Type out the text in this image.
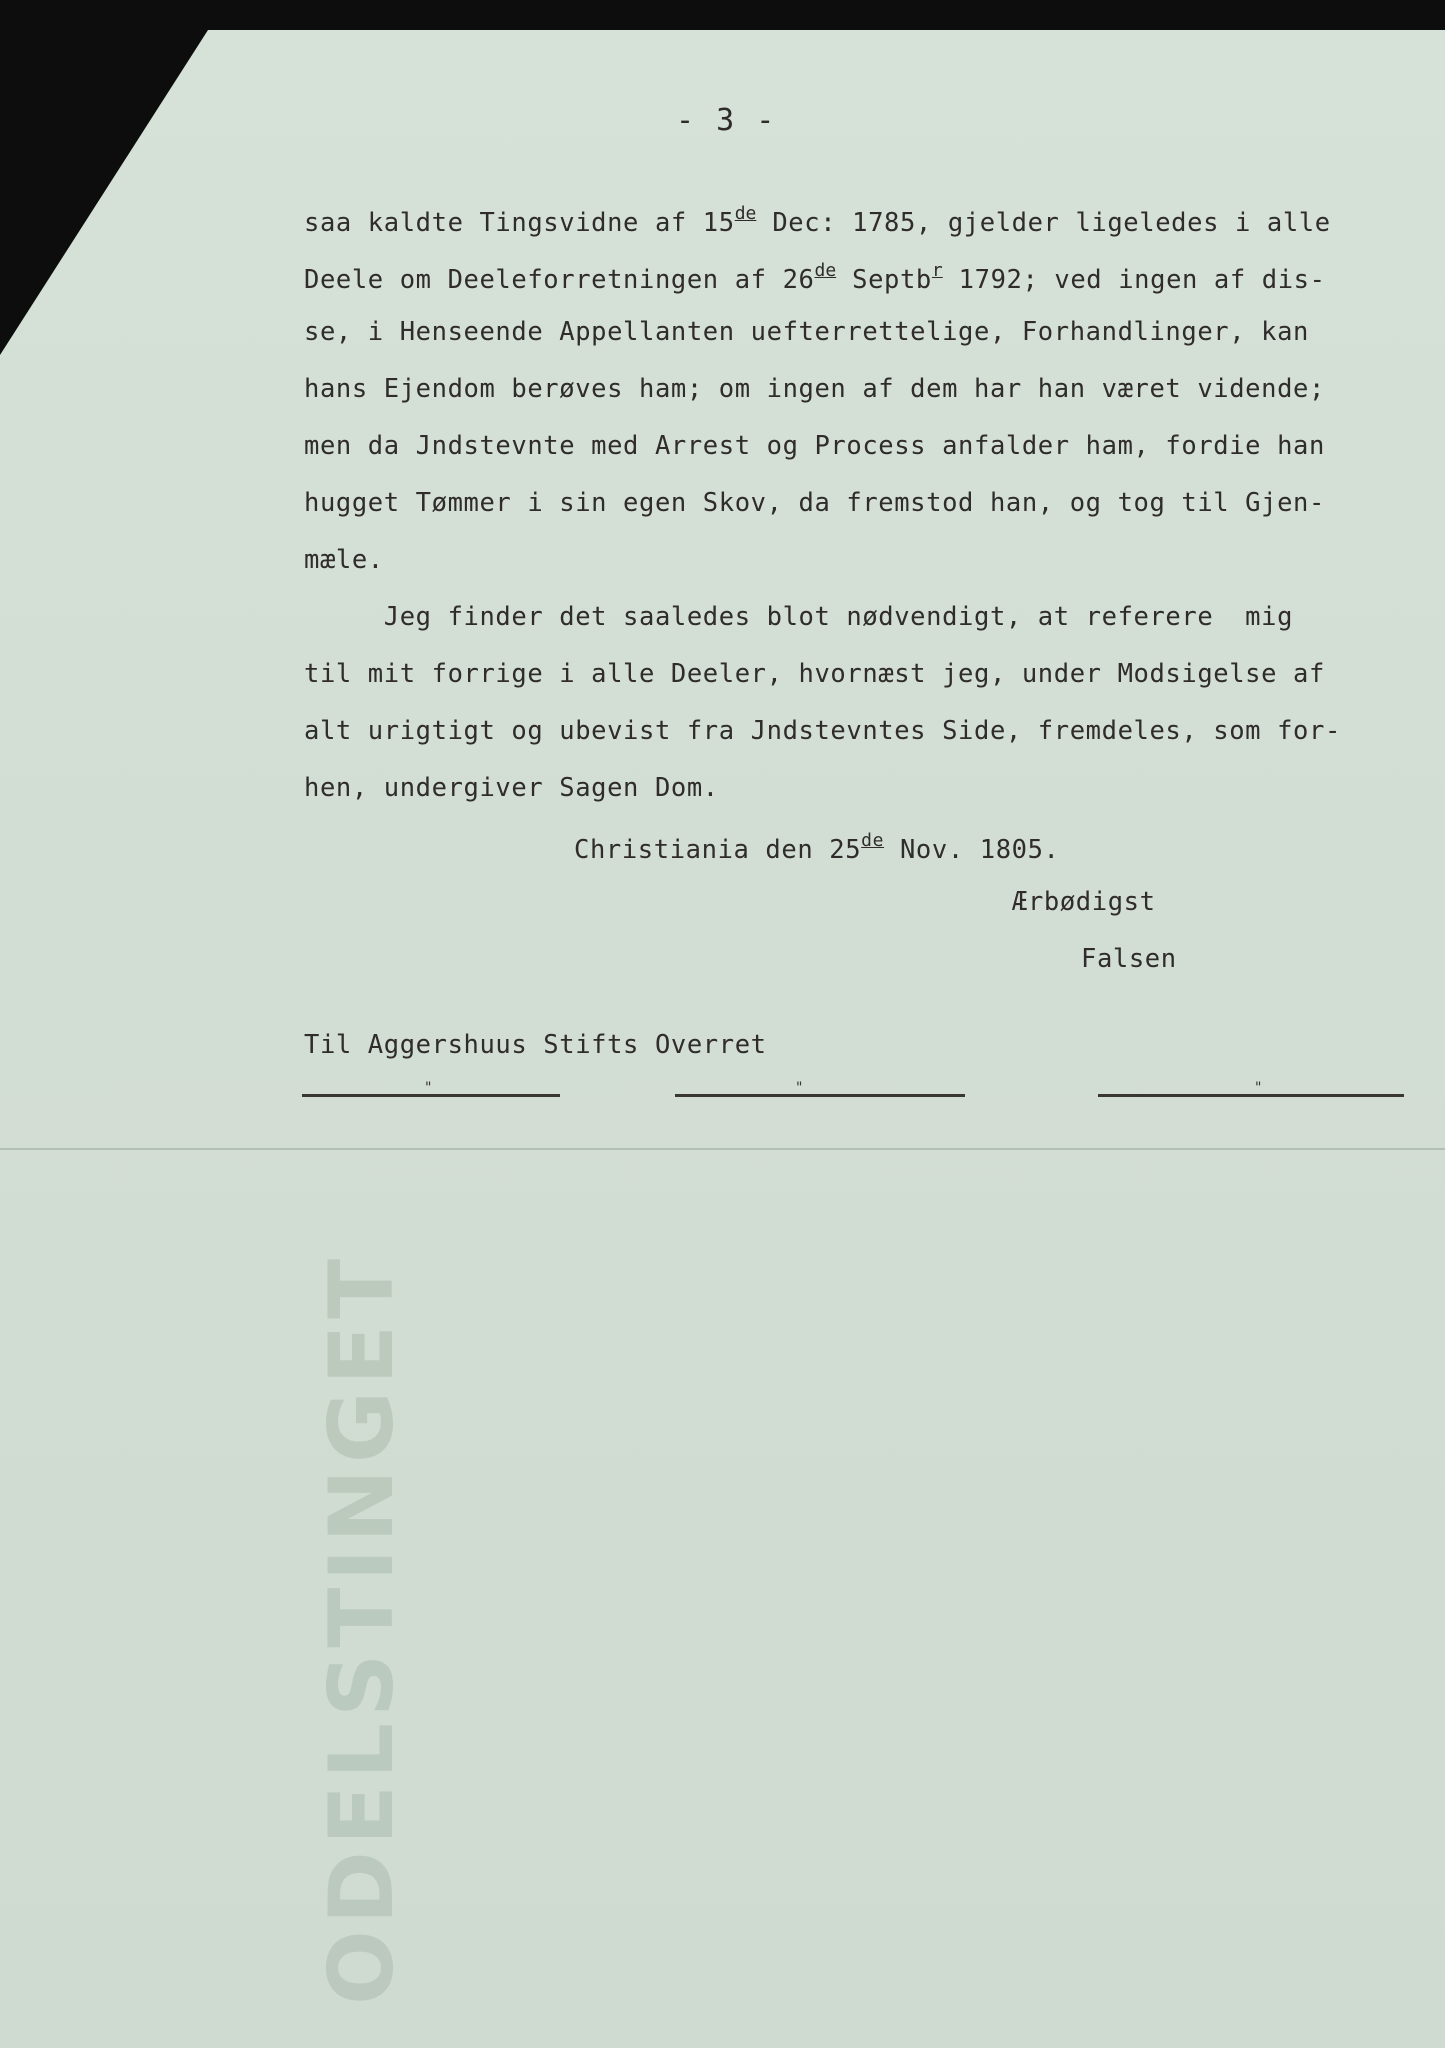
ODELSTINGET
- 3 -
saa kaldte Tingsvidne af 15de Dec: 1785, gjelder ligeledes i alle
Deele om Deeleforretningen af 26de Septb$^r$ 1792; ved ingen af dis-
se, i Henseende Appellanten uefterrettelige, Forhandlinger, kan
hans Ejendom berøves ham; om ingen af dem har han været vidende;
men da Jndstevnte med Arrest og Process anfalder ham, fordie han
hugget Tømmer i sin egen Skov, da fremstod han, og tog til Gjen-
mæle.
Jeg finder det saaledes blot nødvendigt, at referere  mig
til mit forrige i alle Deeler, hvornæst jeg, under Modsigelse af
alt urigtigt og ubevist fra Jndstevntes Side, fremdeles, som for-
hen, undergiver Sagen Dom.
Christiania den 25de Nov. 1805.
Ærbødigst
Falsen
Til Aggershuus Stifts Overret
"	"	"
